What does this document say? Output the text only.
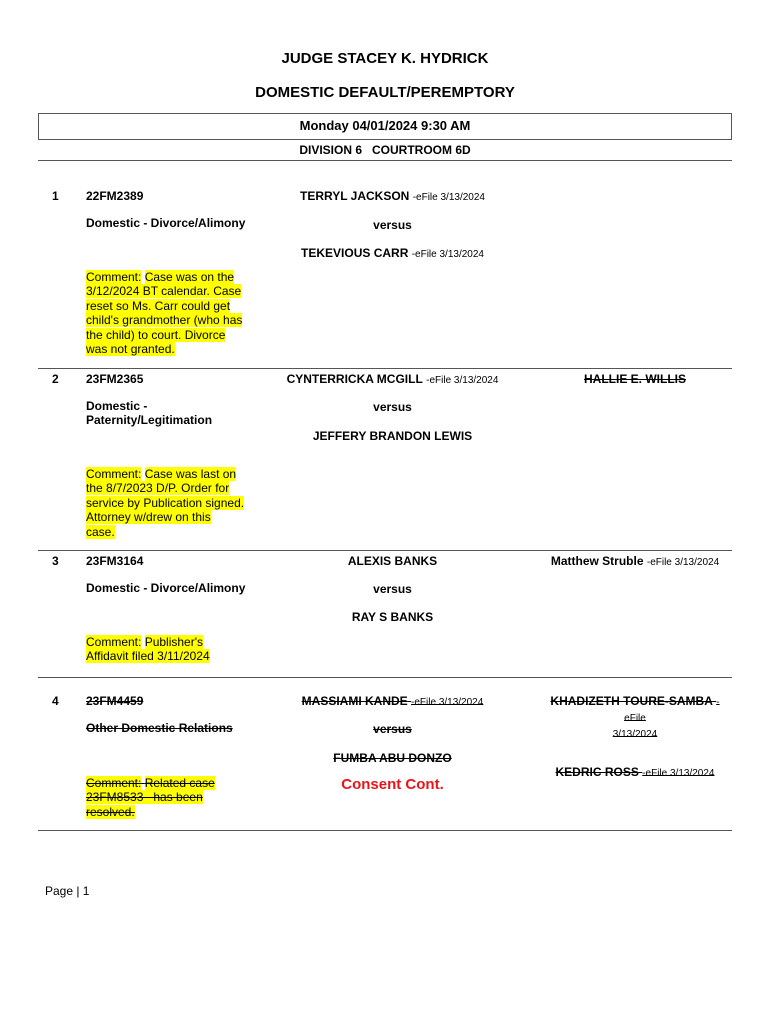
JUDGE STACEY K. HYDRICK
DOMESTIC DEFAULT/PEREMPTORY
Monday 04/01/2024 9:30 AM
DIVISION 6   COURTROOM 6D
1 22FM2389
Domestic - Divorce/Alimony
TERRYL JACKSON -eFile 3/13/2024
versus
TEKEVIOUS CARR -eFile 3/13/2024
Comment: Case was on the
3/12/2024 BT calendar. Case
reset so Ms. Carr could get
child's grandmother (who has
the child) to court. Divorce
was not granted.
2 23FM2365
Domestic -
Paternity/Legitimation
CYNTERRICKA MCGILL -eFile 3/13/2024
versus
JEFFERY BRANDON LEWIS
HALLIE E. WILLIS
Comment: Case was last on
the 8/7/2023 D/P. Order for
service by Publication signed.
Attorney w/drew on this
case.
3 23FM3164
Domestic - Divorce/Alimony
ALEXIS BANKS
versus
RAY S BANKS
Matthew Struble -eFile 3/13/2024
Comment: Publisher's
Affidavit filed 3/11/2024
4 23FM4459
Other Domestic Relations
MASSIAMI KANDE -eFile 3/13/2024
versus
FUMBA ABU DONZO
Consent Cont.
KHADIZETH TOURE-SAMBA -eFile
3/13/2024
KEDRIC ROSS -eFile 3/13/2024
Comment: Related case
23FM8533   has been
resolved.
Page | 1
